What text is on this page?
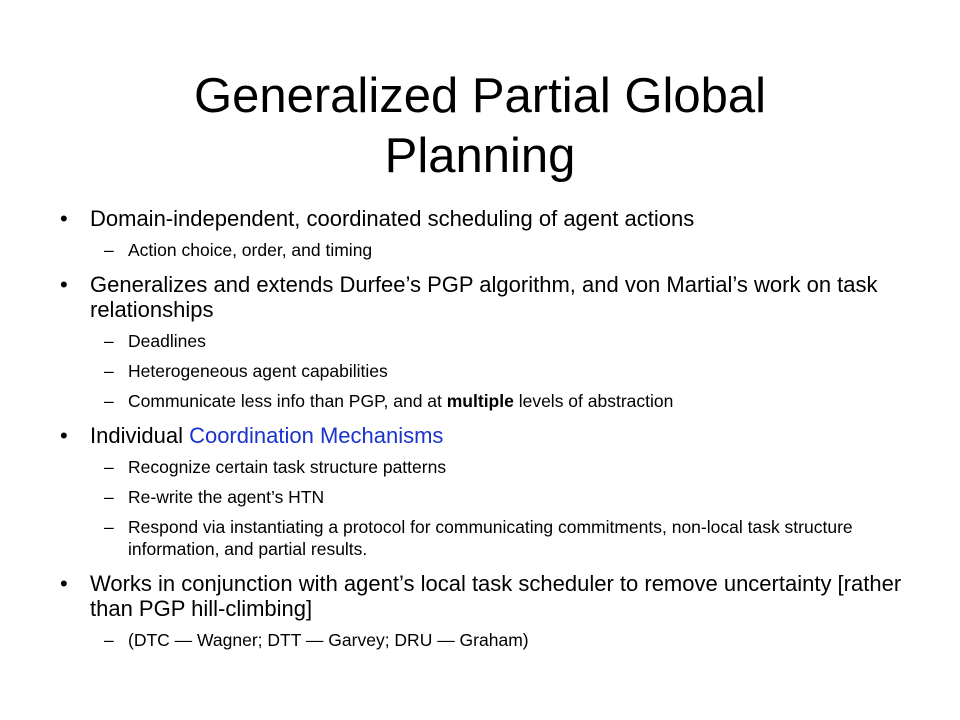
Generalized Partial Global
Planning
• Domain-independent, coordinated scheduling of agent actions
– Action choice, order, and timing
• Generalizes and extends Durfee’s PGP algorithm, and von Martial’s work on task relationships
– Deadlines
– Heterogeneous agent capabilities
– Communicate less info than PGP, and at multiple levels of abstraction
• Individual Coordination Mechanisms
– Recognize certain task structure patterns
– Re-write the agent’s HTN
– Respond via instantiating a protocol for communicating commitments, non-local task structure information, and partial results.
• Works in conjunction with agent’s local task scheduler to remove uncertainty [rather than PGP hill-climbing]
– (DTC — Wagner; DTT — Garvey; DRU — Graham)
